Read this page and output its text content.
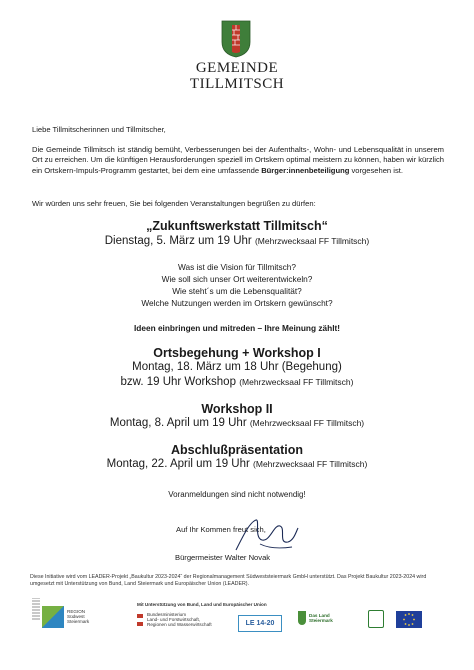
GEMEINDE
TILLMITSCH
Liebe Tillmitscherinnen und Tillmitscher,
Die Gemeinde Tillmitsch ist ständig bemüht, Verbesserungen bei der Aufenthalts-, Wohn- und Lebensqualität in unserem Ort zu erreichen. Um die künftigen Herausforderungen speziell im Ortskern optimal meistern zu können, haben wir kürzlich ein Ortskern-Impuls-Programm gestartet, bei dem eine umfassende Bürger:innenbeteiligung vorgesehen ist.
Wir würden uns sehr freuen, Sie bei folgenden Veranstaltungen begrüßen zu dürfen:
„Zukunftswerkstatt Tillmitsch“
Dienstag, 5. März um 19 Uhr (Mehrzwecksaal FF Tillmitsch)
Was ist die Vision für Tillmitsch?
Wie soll sich unser Ort weiterentwickeln?
Wie steht´s um die Lebensqualität?
Welche Nutzungen werden im Ortskern gewünscht?
Ideen einbringen und mitreden – Ihre Meinung zählt!
Ortsbegehung + Workshop I
Montag, 18. März um 18 Uhr (Begehung)
bzw. 19 Uhr Workshop (Mehrzwecksaal FF Tillmitsch)
Workshop II
Montag, 8. April um 19 Uhr (Mehrzwecksaal FF Tillmitsch)
Abschlußpräsentation
Montag, 22. April um 19 Uhr (Mehrzwecksaal FF Tillmitsch)
Voranmeldungen sind nicht notwendig!
Auf Ihr Kommen freut sich,
Bürgermeister Walter Novak
Diese Initiative wird vom LEADER-Projekt „Baukultur 2023-2024“ der Regionalmanagement Südweststeiermark GmbH unterstützt. Das Projekt Baukultur 2023-2024 wird umgesetzt mit Unterstützung von Bund, Land Steiermark und Europäischer Union (LEADER).
REGION
Südwest
Steiermark
Mit Unterstützung von Bund, Land und Europäischer Union
Bundesministerium
Land- und Forstwirtschaft,
Regionen und Wasserwirtschaft	LE 14-20
Das Land Steiermark
